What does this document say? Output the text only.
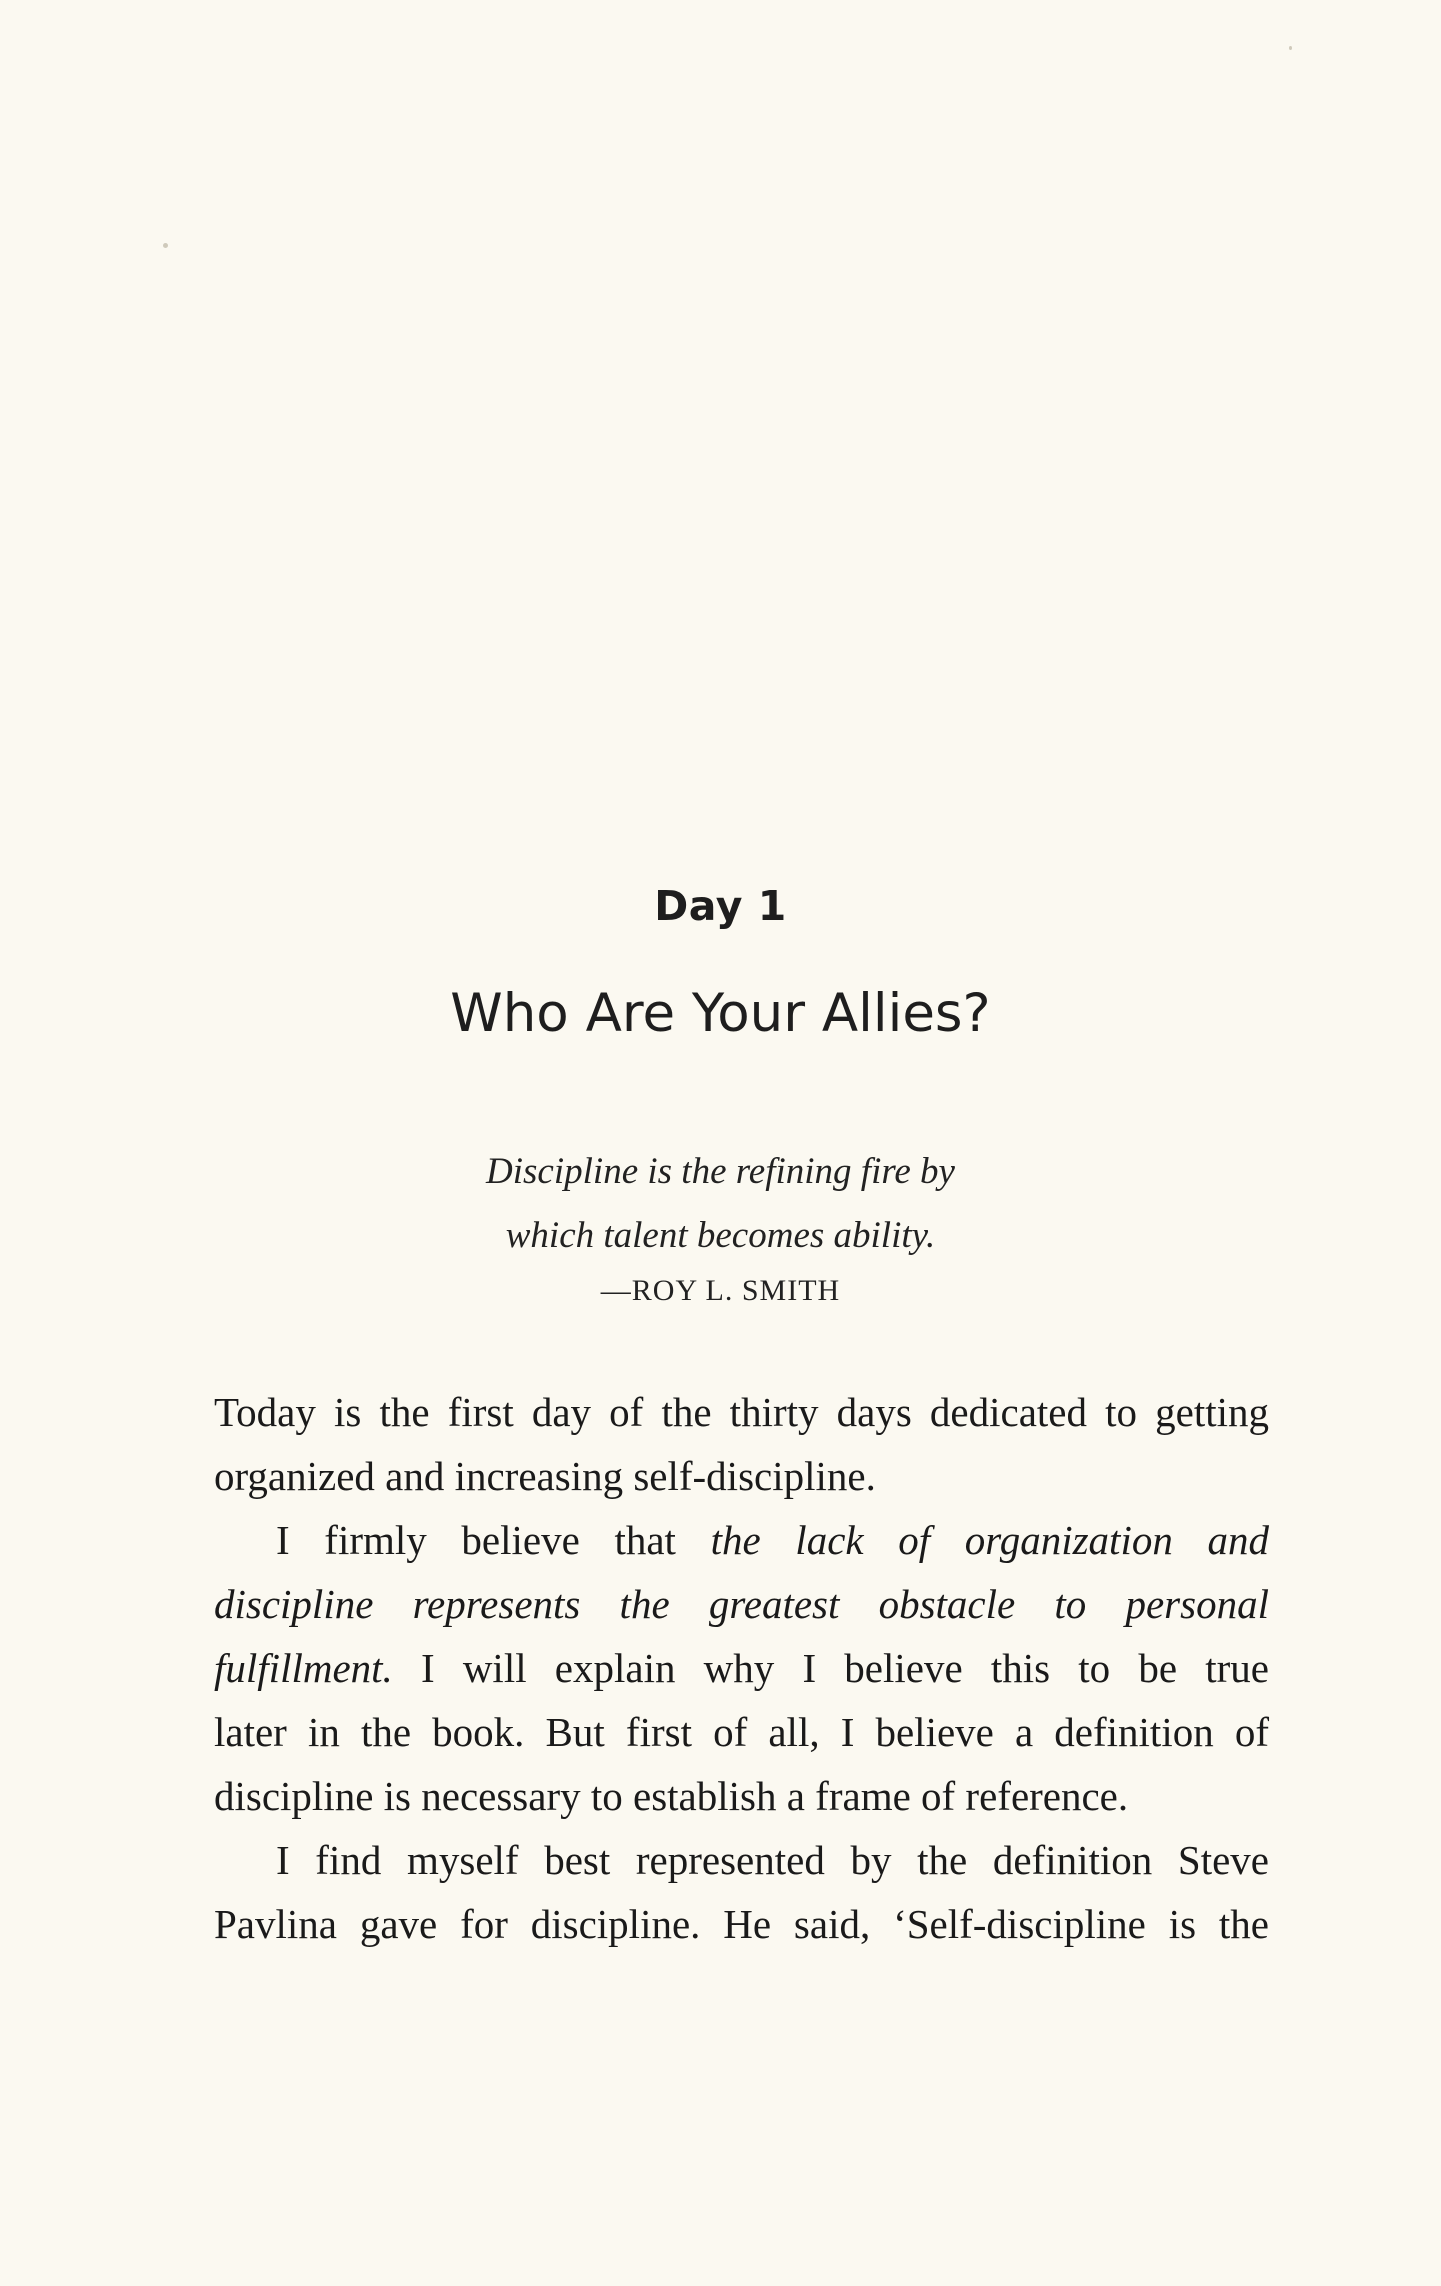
Day 1
Who Are Your Allies?
Discipline is the refining fire by
which talent becomes ability.
—ROY L. SMITH

Today is the first day of the thirty days dedicated to getting
organized and increasing self-discipline.

I firmly believe that the lack of organization and
discipline represents the greatest obstacle to personal
fulfillment. I will explain why I believe this to be true
later in the book. But first of all, I believe a definition of
discipline is necessary to establish a frame of reference.

I find myself best represented by the definition Steve
Pavlina gave for discipline. He said, ‘Self-discipline is the
